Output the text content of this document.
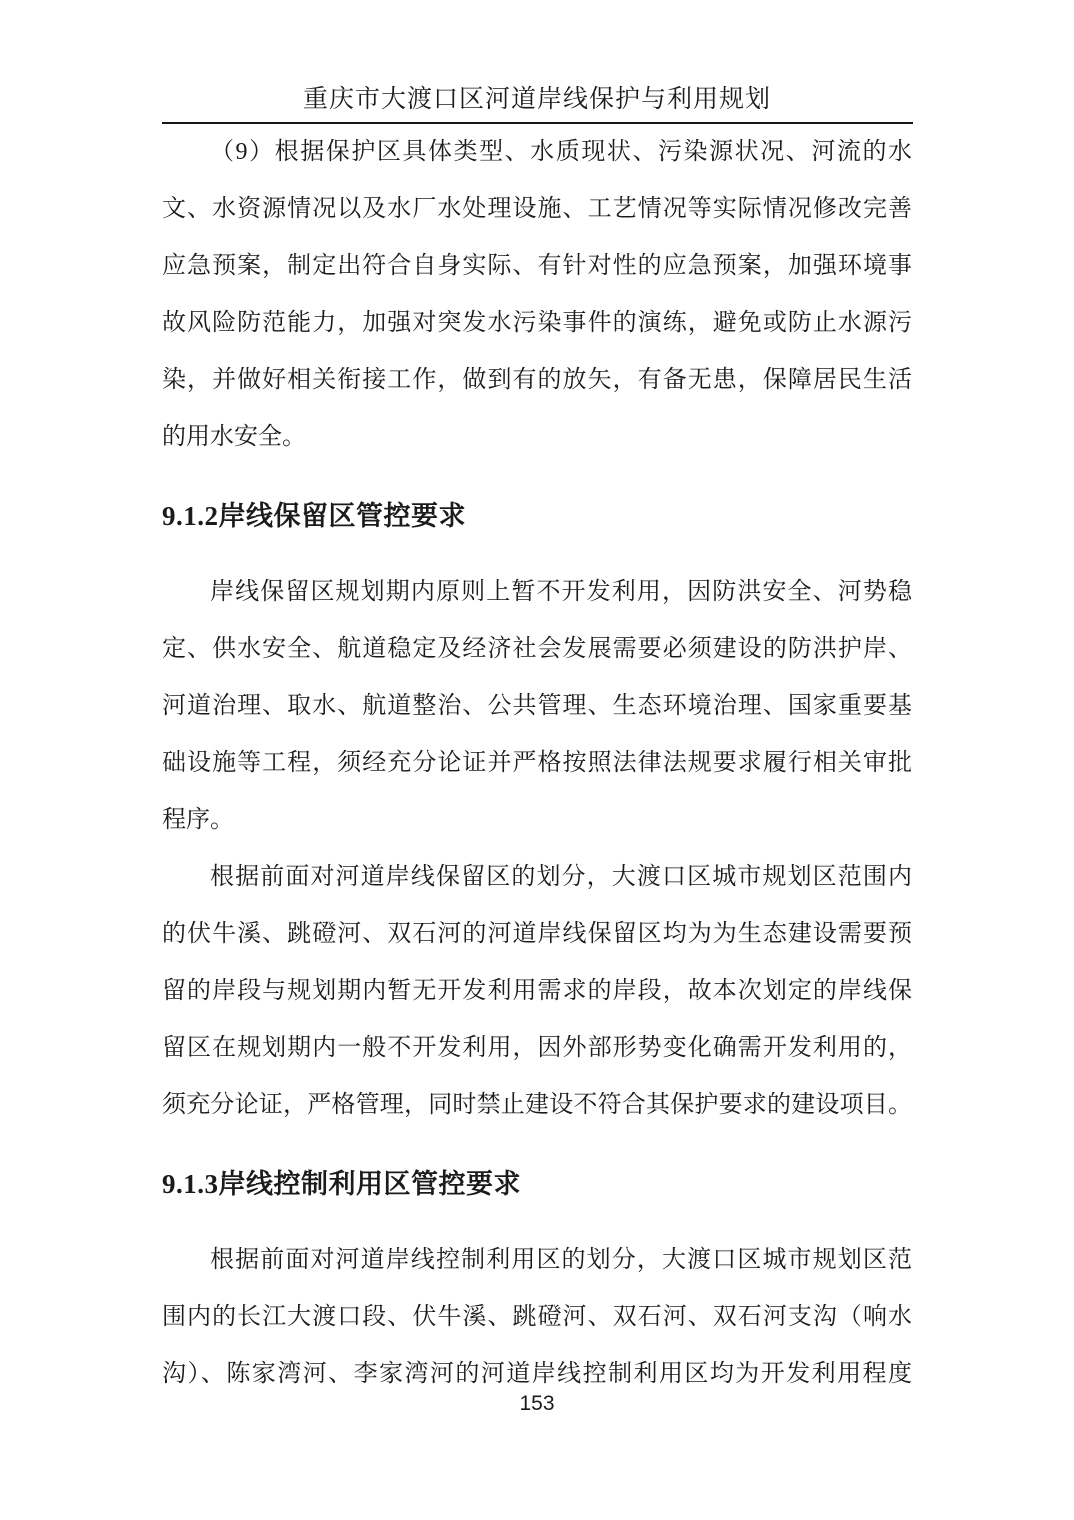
重庆市大渡口区河道岸线保护与利用规划
（9）根据保护区具体类型、水质现状、污染源状况、河流的水
文、水资源情况以及水厂水处理设施、工艺情况等实际情况修改完善
应急预案，制定出符合自身实际、有针对性的应急预案，加强环境事
故风险防范能力，加强对突发水污染事件的演练，避免或防止水源污
染，并做好相关衔接工作，做到有的放矢，有备无患，保障居民生活
的用水安全。
9.1.2岸线保留区管控要求
岸线保留区规划期内原则上暂不开发利用，因防洪安全、河势稳
定、供水安全、航道稳定及经济社会发展需要必须建设的防洪护岸、
河道治理、取水、航道整治、公共管理、生态环境治理、国家重要基
础设施等工程，须经充分论证并严格按照法律法规要求履行相关审批
程序。
根据前面对河道岸线保留区的划分，大渡口区城市规划区范围内
的伏牛溪、跳磴河、双石河的河道岸线保留区均为为生态建设需要预
留的岸段与规划期内暂无开发利用需求的岸段，故本次划定的岸线保
留区在规划期内一般不开发利用，因外部形势变化确需开发利用的，
须充分论证，严格管理，同时禁止建设不符合其保护要求的建设项目。
9.1.3岸线控制利用区管控要求
根据前面对河道岸线控制利用区的划分，大渡口区城市规划区范
围内的长江大渡口段、伏牛溪、跳磴河、双石河、双石河支沟（响水
沟）、陈家湾河、李家湾河的河道岸线控制利用区均为开发利用程度
153
